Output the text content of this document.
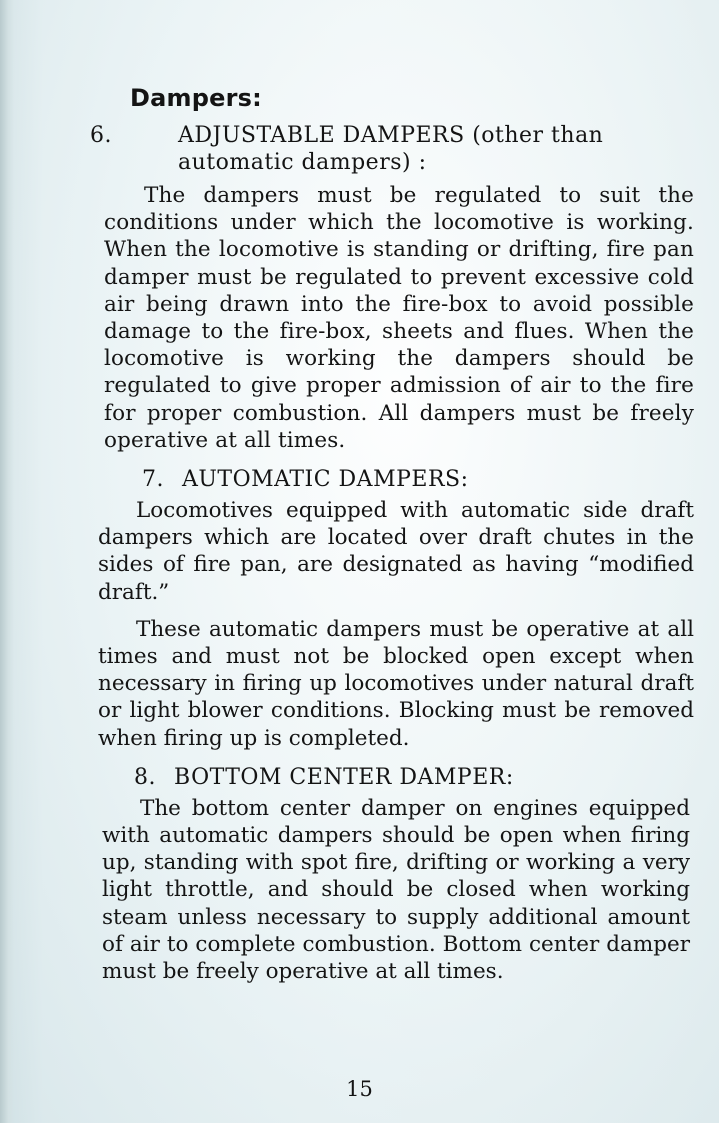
Dampers:

6.	ADJUSTABLE DAMPERS (other than automatic dampers) :

The dampers must be regulated to suit the conditions under which the locomotive is working. When the locomotive is standing or drifting, fire pan damper must be regulated to prevent excessive cold air being drawn into the fire-box to avoid possible damage to the fire-box, sheets and flues. When the locomotive is working the dampers should be regulated to give proper admission of air to the fire for proper combustion. All dampers must be freely operative at all times.

7. AUTOMATIC DAMPERS:

Locomotives equipped with automatic side draft dampers which are located over draft chutes in the sides of fire pan, are designated as having “modified draft.”

These automatic dampers must be operative at all times and must not be blocked open except when necessary in firing up locomotives under natural draft or light blower conditions. Blocking must be removed when firing up is completed.

8. BOTTOM CENTER DAMPER:

The bottom center damper on engines equipped with automatic dampers should be open when firing up, standing with spot fire, drifting or working a very light throttle, and should be closed when working steam unless necessary to supply additional amount of air to complete combustion. Bottom center damper must be freely operative at all times.

15
